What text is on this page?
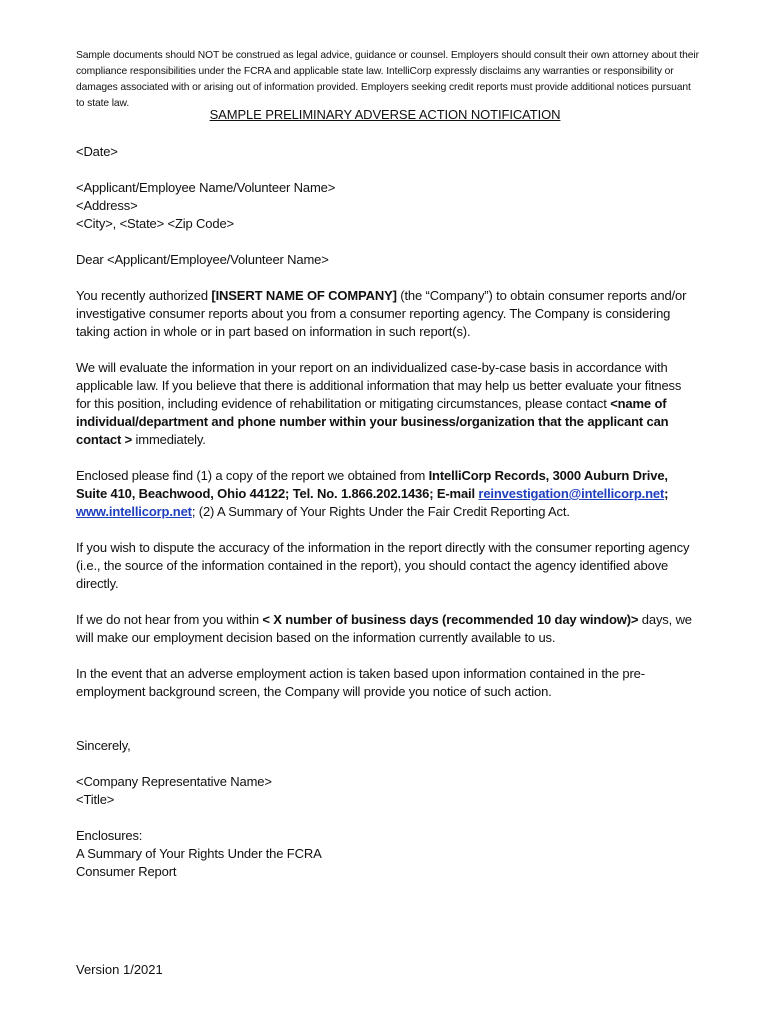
Sample documents should NOT be construed as legal advice, guidance or counsel. Employers should consult their own attorney about their compliance responsibilities under the FCRA and applicable state law. IntelliCorp expressly disclaims any warranties or responsibility or damages associated with or arising out of information provided. Employers seeking credit reports must provide additional notices pursuant to state law.
SAMPLE PRELIMINARY ADVERSE ACTION NOTIFICATION

<Date>

<Applicant/Employee Name/Volunteer Name>

<Address>

<City>, <State> <Zip Code>

Dear <Applicant/Employee/Volunteer Name>

You recently authorized [INSERT NAME OF COMPANY] (the “Company”) to obtain consumer reports and/or investigative consumer reports about you from a consumer reporting agency. The Company is considering taking action in whole or in part based on information in such report(s).

We will evaluate the information in your report on an individualized case-by-case basis in accordance with applicable law. If you believe that there is additional information that may help us better evaluate your fitness for this position, including evidence of rehabilitation or mitigating circumstances, please contact <name of individual/department and phone number within your business/organization that the applicant can contact > immediately.

Enclosed please find (1) a copy of the report we obtained from IntelliCorp Records, 3000 Auburn Drive, Suite 410, Beachwood, Ohio 44122; Tel. No. 1.866.202.1436; E-mail reinvestigation@intellicorp.net;
www.intellicorp.net; (2) A Summary of Your Rights Under the Fair Credit Reporting Act.

If you wish to dispute the accuracy of the information in the report directly with the consumer reporting agency (i.e., the source of the information contained in the report), you should contact the agency identified above directly.

If we do not hear from you within < X number of business days (recommended 10 day window)> days, we will make our employment decision based on the information currently available to us.

In the event that an adverse employment action is taken based upon information contained in the pre-employment background screen, the Company will provide you notice of such action.

Sincerely,

<Company Representative Name>

<Title>

Enclosures:

A Summary of Your Rights Under the FCRA

Consumer Report

Version 1/2021
